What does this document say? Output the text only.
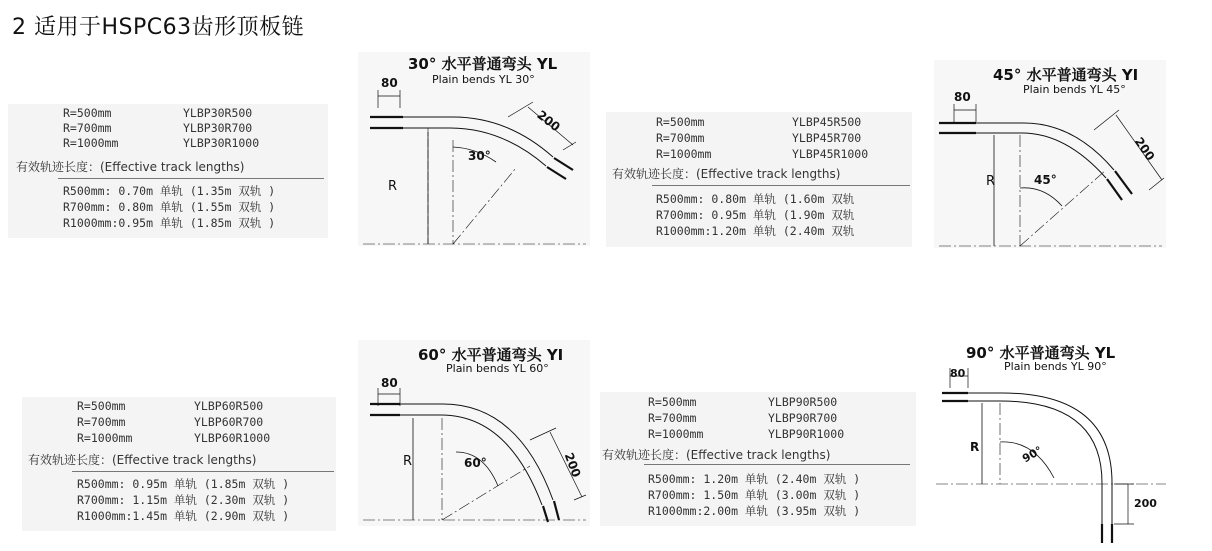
2 适用于HSPC63齿形顶板链
R=500mm	YLBP30R500
R=700mm	YLBP30R700
R=1000mm	YLBP30R1000
有效轨迹长度：(Effective track lengths)
R500mm: 0.70m 单轨 (1.35m 双轨 )
R700mm: 0.80m 单轨 (1.55m 双轨 )
R1000mm:0.95m 单轨 (1.85m 双轨 )
80
200
30°
R
30° 水平普通弯头 YL
Plain bends YL 30°
R=500mm	YLBP45R500
R=700mm	YLBP45R700
R=1000mm	YLBP45R1000
有效轨迹长度：(Effective track lengths)
R500mm: 0.80m 单轨 (1.60m 双轨
R700mm: 0.95m 单轨 (1.90m 双轨
R1000mm:1.20m 单轨 (2.40m 双轨
80
200
45°
R
45° 水平普通弯头 YI
Plain bends YL 45°
R=500mm	YLBP60R500
R=700mm	YLBP60R700
R=1000mm	YLBP60R1000
有效轨迹长度：(Effective track lengths)
R500mm: 0.95m 单轨 (1.85m 双轨 )
R700mm: 1.15m 单轨 (2.30m 双轨 )
R1000mm:1.45m 单轨 (2.90m 双轨 )
80
200
60°
R
60° 水平普通弯头 YI
Plain bends YL 60°
R=500mm	YLBP90R500
R=700mm	YLBP90R700
R=1000mm	YLBP90R1000
有效轨迹长度：(Effective track lengths)
R500mm: 1.20m 单轨 (2.40m 双轨 )
R700mm: 1.50m 单轨 (3.00m 双轨 )
R1000mm:2.00m 单轨 (3.95m 双轨 )
80
200
90°
R
90° 水平普通弯头 YL
Plain bends YL 90°
